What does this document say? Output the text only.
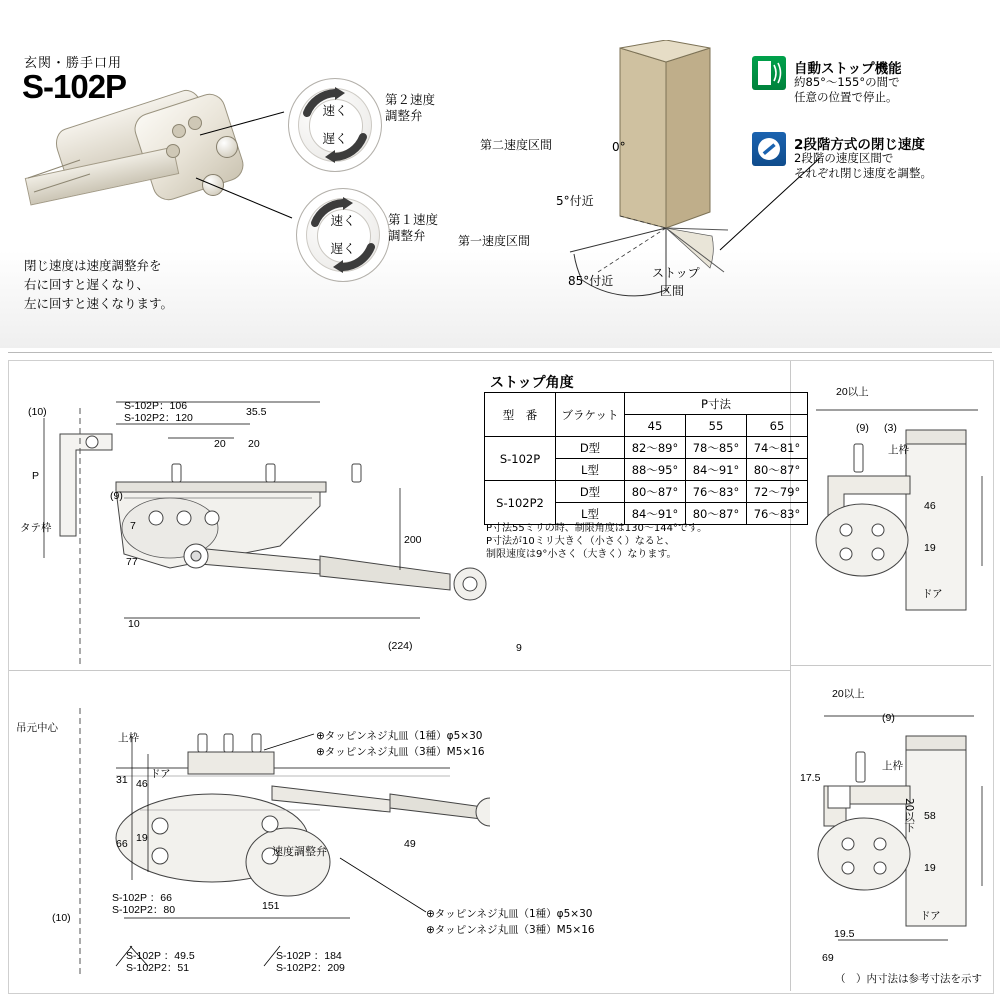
玄関・勝手口用
S-102P
速く
遅く
第２速度
調整弁
速く
遅く
第１速度
調整弁
閉じ速度は速度調整弁を
右に回すと遅くなり、
左に回すと速くなります。
第二速度区間	0°
5°付近
第一速度区間
85°付近
ストップ
区間
自動ストップ機能
約85°〜155°の間で
任意の位置で停止。
2段階方式の閉じ速度
2段階の速度区間で
それぞれ閉じ速度を調整。
ストップ角度
型　番	ブラケット	P寸法		
		45	55	65
S-102P	D型	82〜89°	78〜85°	74〜81°
	L型	88〜95°	84〜91°	80〜87°
S-102P2	D型	80〜87°	76〜83°	72〜79°
	L型	84〜91°	80〜87°	76〜83°
P寸法55ミリの時、制限角度は130〜144°です。
P寸法が10ミリ大きく（小さく）なると、
制限速度は9°小さく（大きく）なります。
(10)	S-102P：106
S-102P2：120	35.5
20 20
P
タテ枠
(9)
7
77
10
200
(224)	9
吊元中心
上枠
ドア
31 46
66 19	49
速度調整弁
151
(10)
S-102P ：66
S-102P2：80
S-102P ：49.5
S-102P2：51
S-102P ：184
S-102P2：209
⊕タッピンネジ丸皿（1種）φ5×30
⊕タッピンネジ丸皿（3種）M5×16
⊕タッピンネジ丸皿（1種）φ5×30
⊕タッピンネジ丸皿（3種）M5×16
20以上
(9) (3)
上枠
46
19
ドア
20以上
(9)
上枠
17.5
20以下 58
19
ドア
19.5
69
（　）内寸法は参考寸法を示す
